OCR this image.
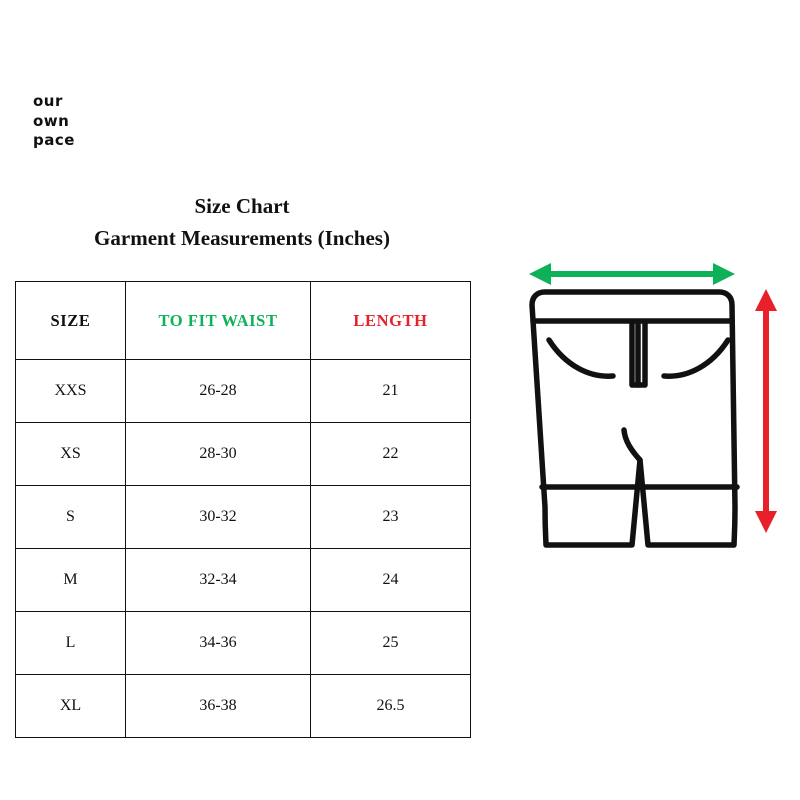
our
own
pace
Size Chart
Garment Measurements (Inches)
SIZE	TO FIT WAIST	LENGTH
XXS	26-28	21
XS	28-30	22
S	30-32	23
M	32-34	24
L	34-36	25
XL	36-38	26.5
